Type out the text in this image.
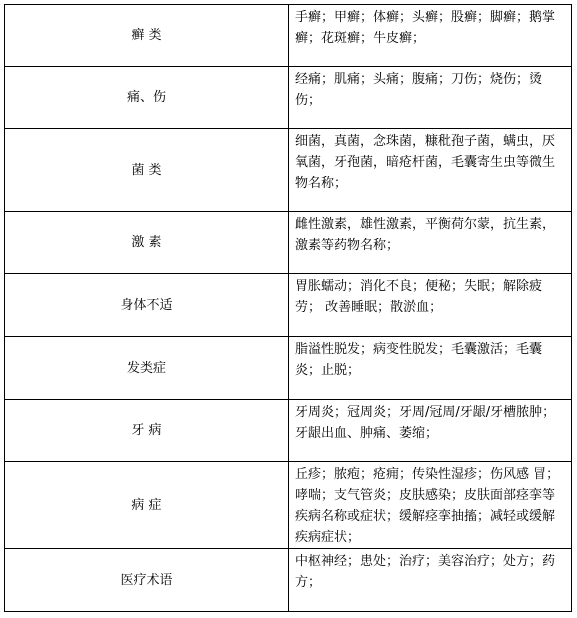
癣 类	手癣；甲癣；体癣；头癣；股癣；脚癣；鹅掌癣；花斑癣；牛皮癣；
痛、伤	经痛；肌痛；头痛；腹痛；刀伤；烧伤；烫伤；
菌 类	细菌，真菌，念珠菌，糠秕孢子菌，螨虫，厌氧菌，牙孢菌，暗疮杆菌，毛囊寄生虫等微生物名称；
激 素	雌性激素，雄性激素，平衡荷尔蒙，抗生素，激素等药物名称；
身体不适	胃胀蠕动；消化不良；便秘；失眠；解除疲劳； 改善睡眠；散淤血；
发类症	脂溢性脱发；病变性脱发；毛囊激活；毛囊炎；止脱；
牙 病	牙周炎；冠周炎；牙周/冠周/牙龈/牙槽脓肿；牙龈出血、肿痛、萎缩；
病 症	丘疹；脓疱；疮痈；传染性湿疹；伤风感 冒；哮喘；支气管炎；皮肤感染；皮肤面部痉挛等疾病名称或症状；缓解痉挛抽搐；减轻或缓解疾病症状；
医疗术语	中枢神经；患处；治疗；美容治疗；处方；药方；
